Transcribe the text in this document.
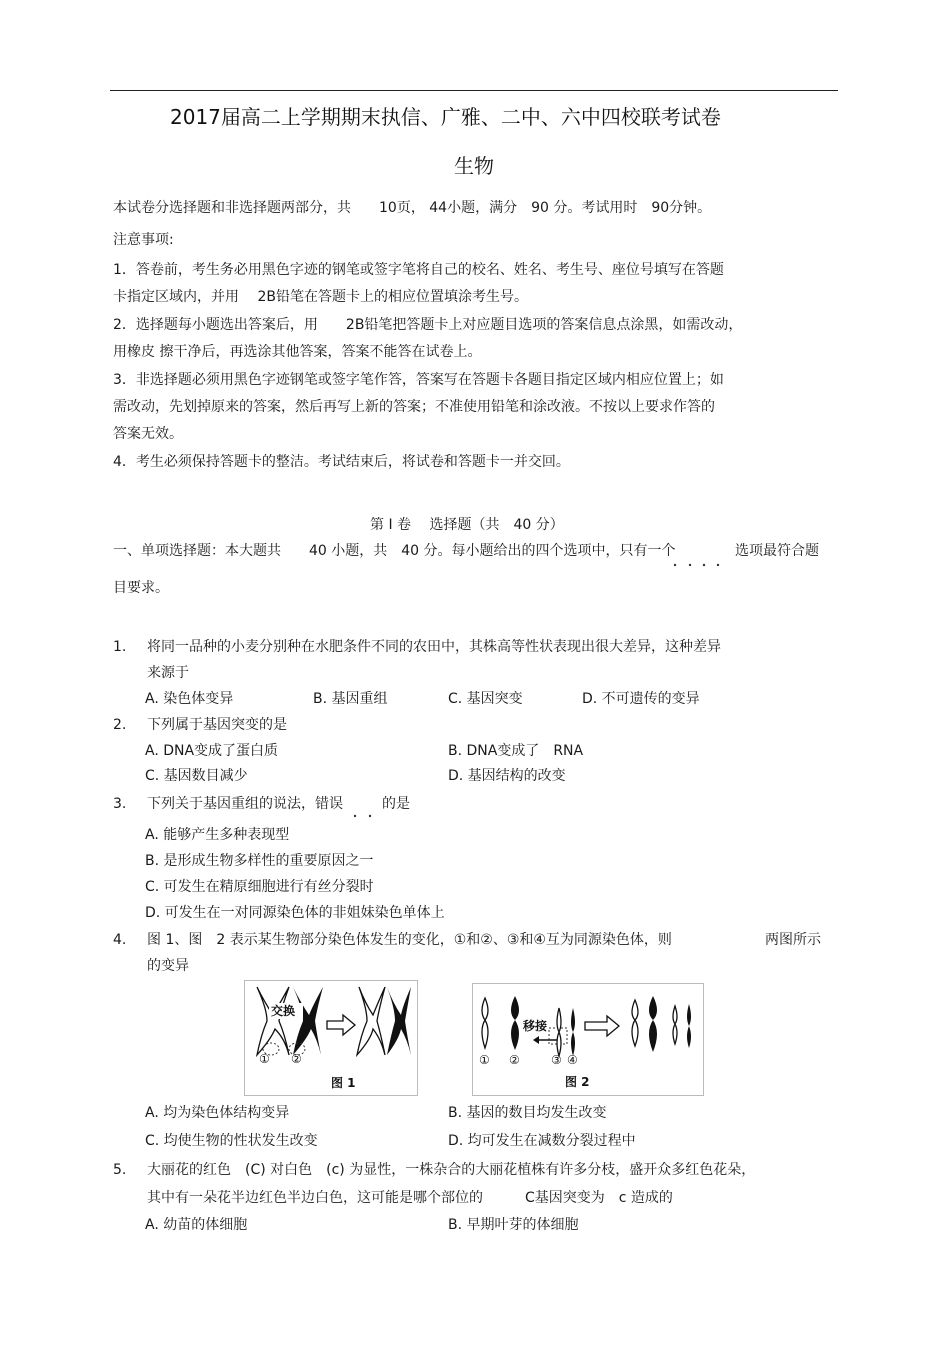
2017届高二上学期期末执信、广雅、二中、六中四校联考试卷
生物
本试卷分选择题和非选择题两部分，共　　10页， 44小题，满分　90 分。考试用时　90分钟。
注意事项:
1．答卷前，考生务必用黑色字迹的钢笔或签字笔将自己的校名、姓名、考生号、座位号填写在答题
卡指定区域内，并用　 2B铅笔在答题卡上的相应位置填涂考生号。
2．选择题每小题选出答案后，用　　2B铅笔把答题卡上对应题目选项的答案信息点涂黑，如需改动，
用橡皮 擦干净后，再选涂其他答案，答案不能答在试卷上。
3．非选择题必须用黑色字迹钢笔或签字笔作答，答案写在答题卡各题目指定区域内相应位置上；如
需改动，先划掉原来的答案，然后再写上新的答案；不准使用铅笔和涂改液。不按以上要求作答的
答案无效。
4．考生必须保持答题卡的整洁。考试结束后，将试卷和答题卡一并交回。
第 I 卷　 选择题（共　40 分）
一、单项选择题：本大题共　　40 小题，共　40 分。每小题给出的四个选项中，只有一个	选项最符合题
目要求。
1. 将同一品种的小麦分别种在水肥条件不同的农田中，其株高等性状表现出很大差异，这种差异
来源于
A. 染色体变异	B. 基因重组	C. 基因突变	D. 不可遗传的变异
2. 下列属于基因突变的是
A. DNA变成了蛋白质	B. DNA变成了　RNA
C. 基因数目减少	D. 基因结构的改变
3. 下列关于基因重组的说法，错误	的是
A. 能够产生多种表现型
B. 是形成生物多样性的重要原因之一
C. 可发生在精原细胞进行有丝分裂时
D. 可发生在一对同源染色体的非姐妹染色单体上
4. 图 1、图　2 表示某生物部分染色体发生的变化，①和②、③和④互为同源染色体，则	两图所示
的变异
交换
① ②
图 1
移接
① ②	③ ④
图 2
A. 均为染色体结构变异	B. 基因的数目均发生改变
C. 均使生物的性状发生改变	D. 均可发生在减数分裂过程中
5. 大丽花的红色　(C) 对白色　(c) 为显性，一株杂合的大丽花植株有许多分枝，盛开众多红色花朵，
其中有一朵花半边红色半边白色，这可能是哪个部位的　　　C基因突变为　c 造成的
A. 幼苗的体细胞	B. 早期叶芽的体细胞
